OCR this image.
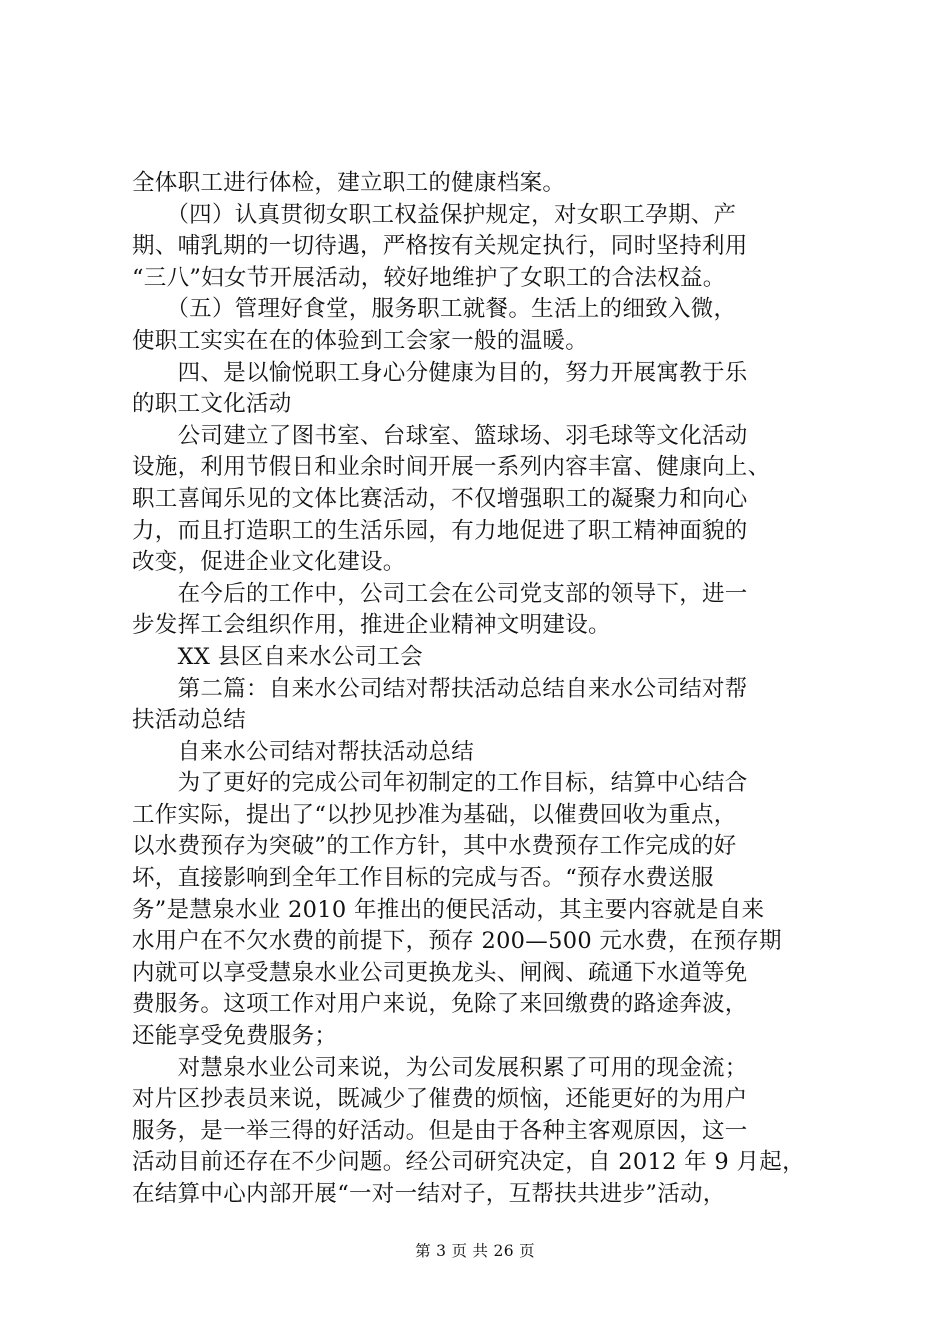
全体职工进行体检，建立职工的健康档案。
　　（四）认真贯彻女职工权益保护规定，对女职工孕期、产
期、哺乳期的一切待遇，严格按有关规定执行，同时坚持利用
“三八”妇女节开展活动，较好地维护了女职工的合法权益。
　　（五）管理好食堂，服务职工就餐。生活上的细致入微，
使职工实实在在的体验到工会家一般的温暖。
　　四、是以愉悦职工身心分健康为目的，努力开展寓教于乐
的职工文化活动
　　公司建立了图书室、台球室、篮球场、羽毛球等文化活动
设施，利用节假日和业余时间开展一系列内容丰富、健康向上、
职工喜闻乐见的文体比赛活动，不仅增强职工的凝聚力和向心
力，而且打造职工的生活乐园，有力地促进了职工精神面貌的
改变，促进企业文化建设。
　　在今后的工作中，公司工会在公司党支部的领导下，进一
步发挥工会组织作用，推进企业精神文明建设。
　　XX 县区自来水公司工会
　　第二篇：自来水公司结对帮扶活动总结自来水公司结对帮
扶活动总结
　　自来水公司结对帮扶活动总结
　　为了更好的完成公司年初制定的工作目标，结算中心结合
工作实际，提出了“以抄见抄准为基础，以催费回收为重点，
以水费预存为突破”的工作方针，其中水费预存工作完成的好
坏，直接影响到全年工作目标的完成与否。“预存水费送服
务”是慧泉水业 2010 年推出的便民活动，其主要内容就是自来
水用户在不欠水费的前提下，预存 200—500 元水费，在预存期
内就可以享受慧泉水业公司更换龙头、闸阀、疏通下水道等免
费服务。这项工作对用户来说，免除了来回缴费的路途奔波，
还能享受免费服务；
　　对慧泉水业公司来说，为公司发展积累了可用的现金流；
对片区抄表员来说，既减少了催费的烦恼，还能更好的为用户
服务，是一举三得的好活动。但是由于各种主客观原因，这一
活动目前还存在不少问题。经公司研究决定，自 2012 年 9 月起，
在结算中心内部开展“一对一结对子，互帮扶共进步”活动，
第 3 页 共 26 页
